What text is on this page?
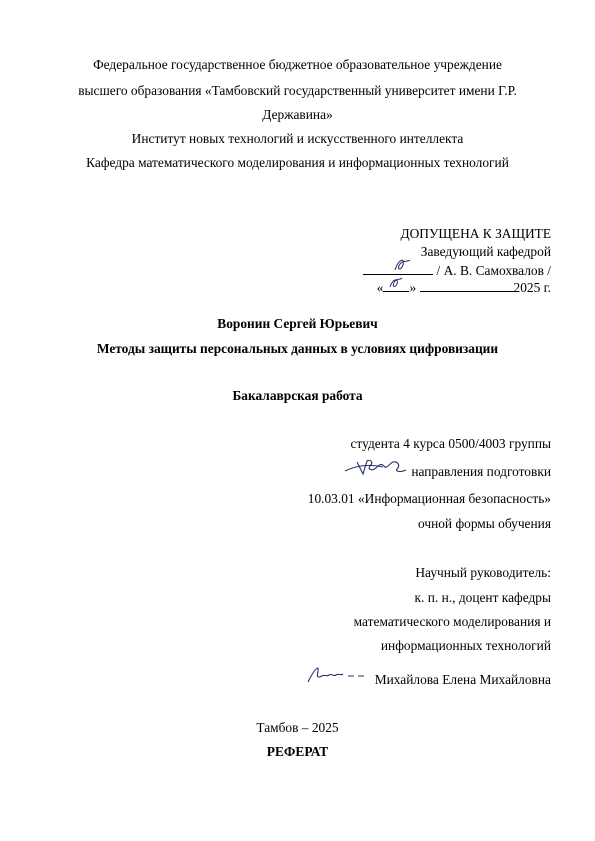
Федеральное государственное бюджетное образовательное учреждение
высшего образования «Тамбовский государственный университет имени Г.Р.
Державина»
Институт новых технологий и искусственного интеллекта
Кафедра математического моделирования и информационных технологий
ДОПУЩЕНА К ЗАЩИТЕ
Заведующий кафедрой
/ А. В. Самохвалов /
« »	2025 г.
Воронин Сергей Юрьевич
Методы защиты персональных данных в условиях цифровизации
Бакалаврская работа
студента 4 курса 0500/4003 группы
направления подготовки
10.03.01 «Информационная безопасность»
очной формы обучения
Научный руководитель:
к. п. н., доцент кафедры
математического моделирования и
информационных технологий
Михайлова Елена Михайловна
Тамбов – 2025
РЕФЕРАТ
